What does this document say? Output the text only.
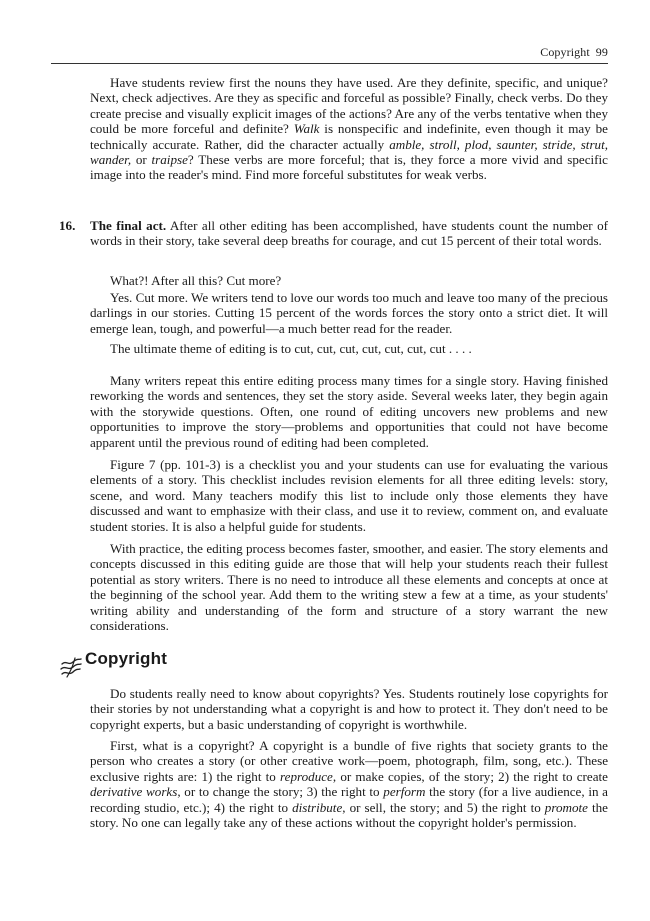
Copyright 99

Have students review first the nouns they have used. Are they definite, specific, and unique? Next, check adjectives. Are they as specific and forceful as possible? Finally, check verbs. Do they create precise and visually explicit images of the actions? Are any of the verbs tentative when they could be more forceful and definite? Walk is nonspecific and indefinite, even though it may be technically accurate. Rather, did the character actually amble, stroll, plod, saunter, stride, strut, wander, or traipse? These verbs are more forceful; that is, they force a more vivid and specific image into the reader's mind. Find more forceful substitutes for weak verbs.

16. The final act. After all other editing has been accomplished, have students count the number of words in their story, take several deep breaths for courage, and cut 15 percent of their total words.

What?! After all this? Cut more?

Yes. Cut more. We writers tend to love our words too much and leave too many of the precious darlings in our stories. Cutting 15 percent of the words forces the story onto a strict diet. It will emerge lean, tough, and powerful—a much better read for the reader.

The ultimate theme of editing is to cut, cut, cut, cut, cut, cut, cut . . . .

Many writers repeat this entire editing process many times for a single story. Having finished reworking the words and sentences, they set the story aside. Several weeks later, they begin again with the storywide questions. Often, one round of editing uncovers new problems and new opportunities to improve the story—problems and opportunities that could not have become apparent until the previous round of editing had been completed.

Figure 7 (pp. 101-3) is a checklist you and your students can use for evaluating the various elements of a story. This checklist includes revision elements for all three editing levels: story, scene, and word. Many teachers modify this list to include only those elements they have discussed and want to emphasize with their class, and use it to review, comment on, and evaluate student stories. It is also a helpful guide for students.

With practice, the editing process becomes faster, smoother, and easier. The story elements and concepts discussed in this editing guide are those that will help your students reach their fullest potential as story writers. There is no need to introduce all these elements and concepts at once at the beginning of the school year. Add them to the writing stew a few at a time, as your students' writing ability and understanding of the form and structure of a story warrant the new considerations.

Copyright

Do students really need to know about copyrights? Yes. Students routinely lose copyrights for their stories by not understanding what a copyright is and how to protect it. They don't need to be copyright experts, but a basic understanding of copyright is worthwhile.

First, what is a copyright? A copyright is a bundle of five rights that society grants to the person who creates a story (or other creative work—poem, photograph, film, song, etc.). These exclusive rights are: 1) the right to reproduce, or make copies, of the story; 2) the right to create derivative works, or to change the story; 3) the right to perform the story (for a live audience, in a recording studio, etc.); 4) the right to distribute, or sell, the story; and 5) the right to promote the story. No one can legally take any of these actions without the copyright holder's permission.
